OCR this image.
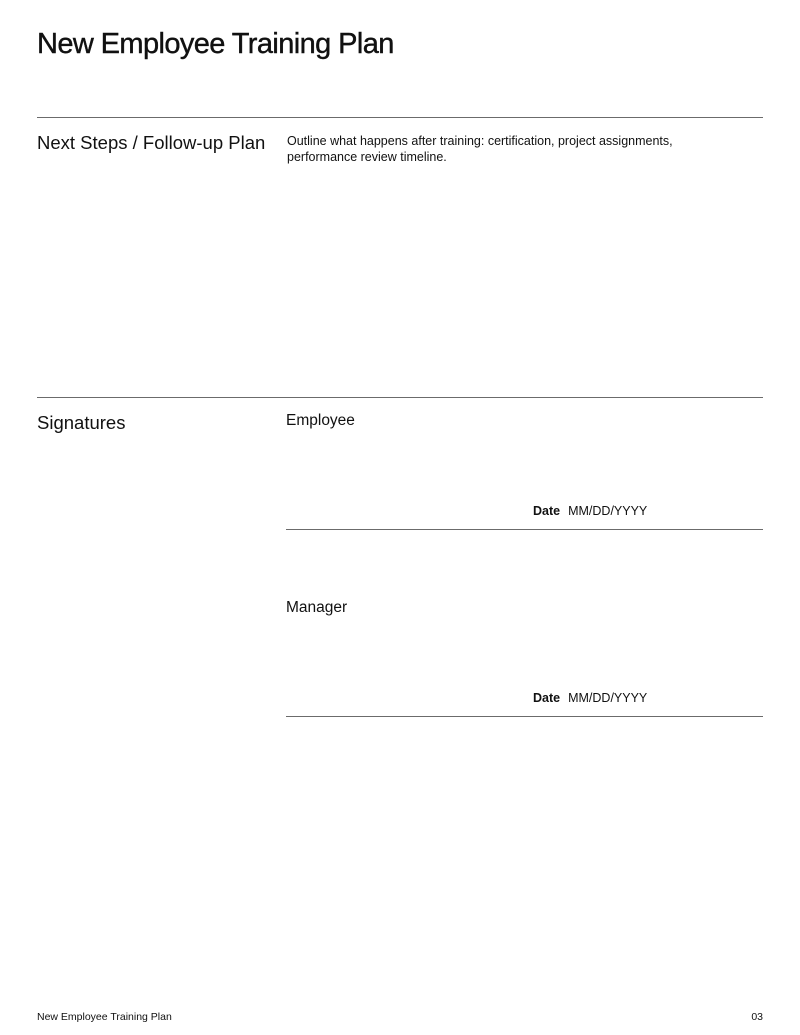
New Employee Training Plan
Next Steps / Follow-up Plan Outline what happens after training: certification, project assignments, performance review timeline.
Signatures	Employee
Date MM/DD/YYYY
Manager
Date MM/DD/YYYY
New Employee Training Plan	03
